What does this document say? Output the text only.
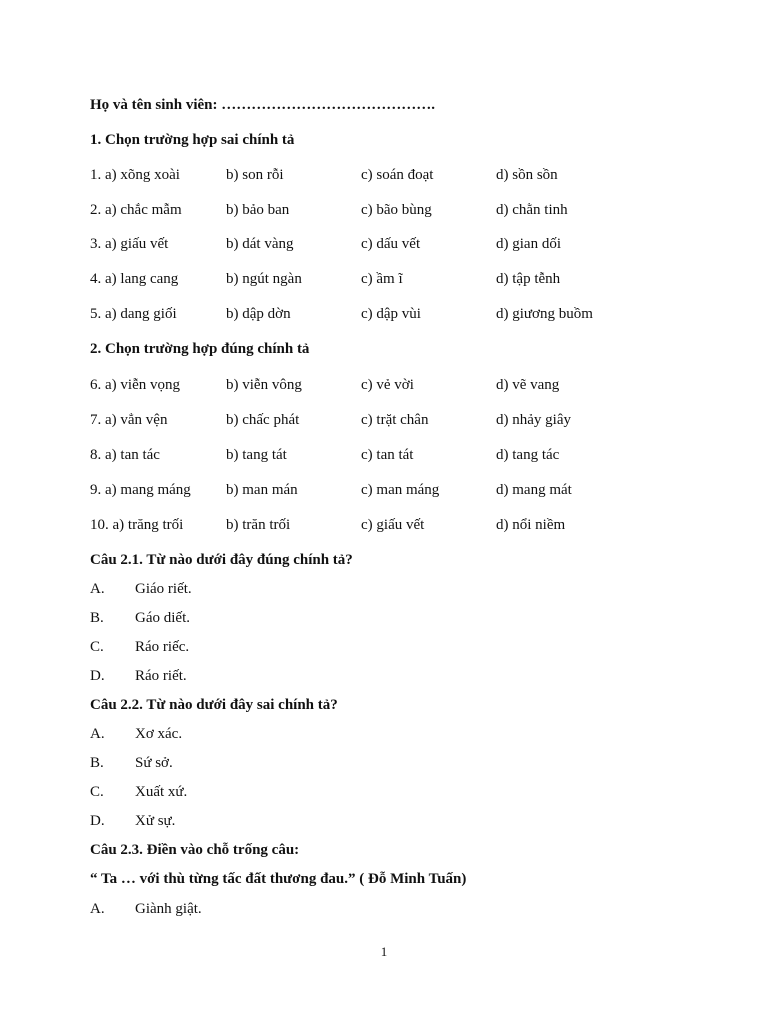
Họ và tên sinh viên: …………………………………….
1. Chọn trường hợp sai chính tả
1. a) xõng xoài	b) son rỗi	c) soán đoạt	d) sồn sồn
2. a) chắc mẫm	b) bảo ban	c) bão bùng	d) chằn tinh
3. a) giấu vết	b) dát vàng	c) dấu vết	d) gian dối
4. a) lang cang	b) ngút ngàn	c) ầm ĩ	d) tập tễnh
5. a) dang giối	b) dập dờn	c) dập vùi	d) giương buồm
2. Chọn trường hợp đúng chính tả
6. a) viễn vọng	b) viễn vông	c) vẻ vời	d) vẽ vang
7. a) vẳn vện	b) chấc phát	c) trặt chân	d) nhảy giây
8. a) tan tác	b) tang tát	c) tan tát	d) tang tác
9. a) mang máng b) man mán	c) man máng	d) mang mát
10. a) trăng trối	b) trăn trối	c) giấu vết	d) nổi niềm
Câu 2.1. Từ nào dưới đây đúng chính tả?
A. Giáo riết.
B. Gáo diết.
C. Ráo riếc.
D. Ráo riết.
Câu 2.2. Từ nào dưới đây sai chính tả?
A. Xơ xác.
B. Sứ sở.
C. Xuất xứ.
D. Xử sự.
Câu 2.3. Điền vào chỗ trống câu:
“ Ta … với thù từng tấc đất thương đau.” ( Đỗ Minh Tuấn)
A. Giành giật.
1
